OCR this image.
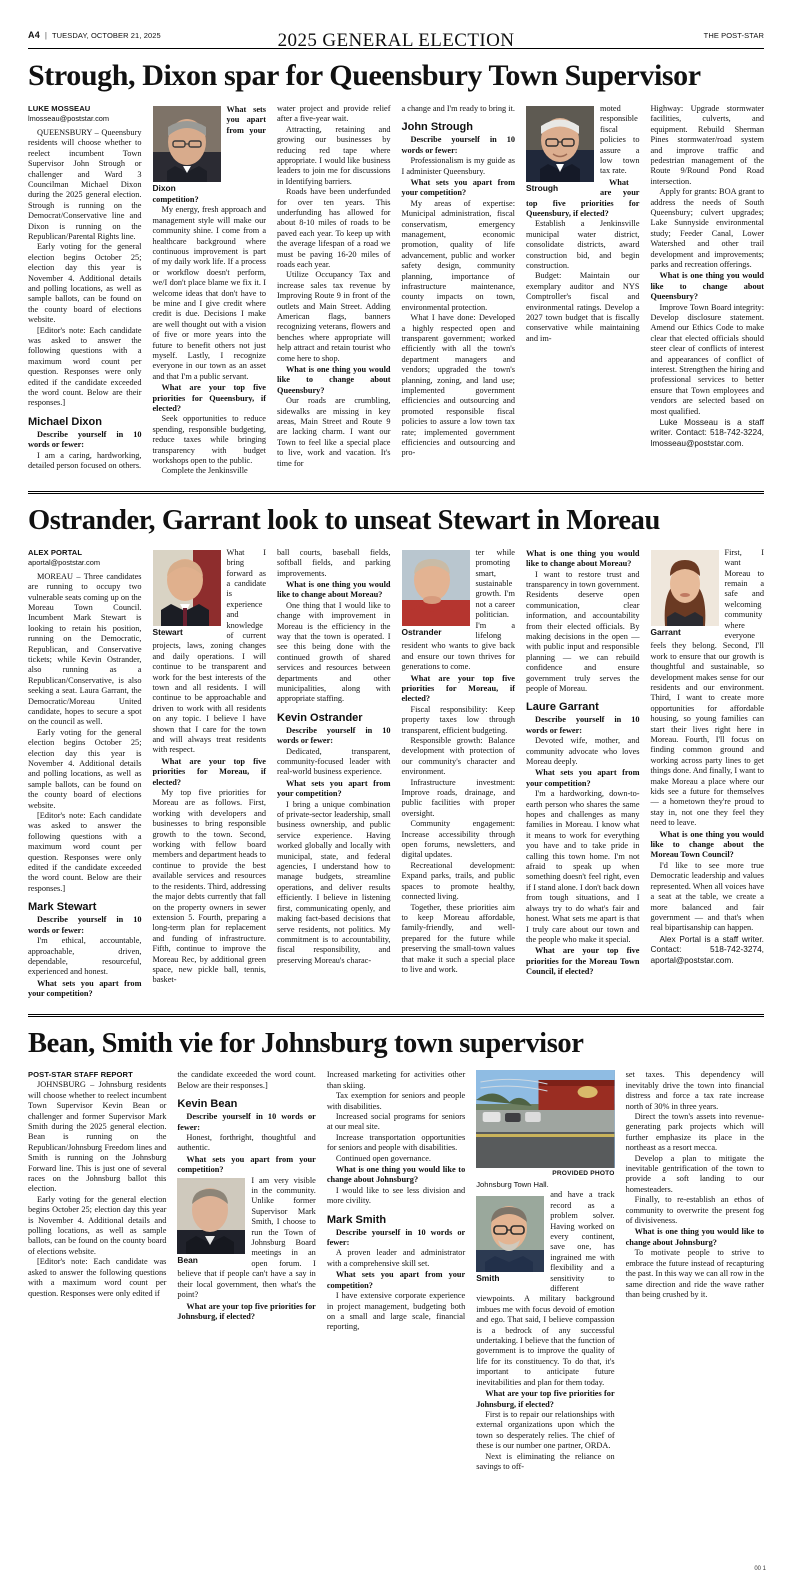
A4 | TUESDAY, OCTOBER 21, 2025	2025 GENERAL ELECTION	THE POST-STAR
Strough, Dixon spar for Queensbury Town Supervisor
LUKE MOSSEAU
lmosseau@poststar.com

QUEENSBURY – Queensbury residents will choose whether to reelect incumbent Town Supervisor John Strough or challenger and Ward 3 Councilman Michael Dixon during the 2025 general election. Strough is running on the Democrat/Conservative line and Dixon is running on the Republican/Parental Rights line.

Early voting for the general election begins October 25; election day this year is November 4. Additional details and polling locations, as well as sample ballots, can be found on the county board of elections website.

[Editor's note: Each candidate was asked to answer the following questions with a maximum word count per question. Responses were only edited if the candidate exceeded the word count. Below are their responses.]

Michael Dixon

Describe yourself in 10 words or fewer:

I am a caring, hardworking, detailed person focused on others.

Dixon

What sets you apart from your competition?

My energy, fresh approach and management style will make our community shine. I come from a healthcare background where continuous improvement is part of my daily work life. If a process or workflow doesn't perform, we/I don't place blame we fix it. I welcome ideas that don't have to be mine and I give credit where credit is due. Decisions I make are well thought out with a vision of five or more years into the future to benefit others not just myself. Lastly, I recognize everyone in our town as an asset and that I'm a public servant.

What are your top five priorities for Queensbury, if elected?

Seek opportunities to reduce spending, responsible budgeting, reduce taxes while bringing transparency with budget workshops open to the public.

Complete the Jenkinsville

water project and provide relief after a five-year wait.

Attracting, retaining and growing our businesses by reducing red tape where appropriate. I would like business leaders to join me for discussions in Identifying barriers.

Roads have been underfunded for over ten years. This underfunding has allowed for about 8-10 miles of roads to be paved each year. To keep up with the average lifespan of a road we must be paving 16-20 miles of roads each year.

Utilize Occupancy Tax and increase sales tax revenue by Improving Route 9 in front of the outlets and Main Street. Adding American flags, banners recognizing veterans, flowers and benches where appropriate will help attract and retain tourist who come here to shop.

What is one thing you would like to change about Queensbury?

Our roads are crumbling, sidewalks are missing in key areas, Main Street and Route 9 are lacking charm. I want our Town to feel like a special place to live, work and vacation. It's time for

a change and I'm ready to bring it.

John Strough

Describe yourself in 10 words or fewer:

Professionalism is my guide as I administer Queensbury.

What sets you apart from your competition?

My areas of expertise: Municipal administration, fiscal conservatism, emergency management, economic promotion, quality of life advancement, public and worker safety design, community planning, importance of infrastructure maintenance, county impacts on town, environmental protection.

What I have done: Developed a highly respected open and transparent government; worked efficiently with all the town's department managers and vendors; upgraded the town's planning, zoning, and land use; implemented government efficiencies and outsourcing and promoted responsible fiscal policies to assure a low town tax rate; implemented government efficiencies and outsourcing and pro-

Strough

moted responsible fiscal policies to assure a low town tax rate.

What are your top five priorities for Queensbury, if elected?

Establish a Jenkinsville municipal water district, consolidate districts, award construction bid, and begin construction.

Budget: Maintain our exemplary auditor and NYS Comptroller's fiscal and environmental ratings. Develop a 2027 town budget that is fiscally conservative while maintaining and im-

Highway: Upgrade stormwater facilities, culverts, and equipment. Rebuild Sherman Pines stormwater/road system and improve traffic and pedestrian management of the Route 9/Round Pond Road intersection.

Apply for grants: BOA grant to address the needs of South Queensbury; culvert upgrades; Lake Sunnyside environmental study; Feeder Canal, Lower Watershed and other trail development and improvements; parks and recreation offerings.

What is one thing you would like to change about Queensbury?

Improve Town Board integrity: Develop disclosure statement. Amend our Ethics Code to make clear that elected officials should steer clear of conflicts of interest and appearances of conflict of interest. Strengthen the hiring and professional services to better ensure that Town employees and vendors are selected based on most qualified.

Luke Mosseau is a staff writer. Contact: 518-742-3224, lmosseau@poststar.com.

Ostrander, Garrant look to unseat Stewart in Moreau
ALEX PORTAL
aportal@poststar.com

MOREAU – Three candidates are running to occupy two vulnerable seats coming up on the Moreau Town Council. Incumbent Mark Stewart is looking to retain his position, running on the Democratic, Republican, and Conservative tickets; while Kevin Ostrander, also running as a Republican/Conservative, is also seeking a seat. Laura Garrant, the Democratic/Moreau United candidate, hopes to secure a spot on the council as well.

Early voting for the general election begins October 25; election day this year is November 4. Additional details and polling locations, as well as sample ballots, can be found on the county board of elections website.

[Editor's note: Each candidate was asked to answer the following questions with a maximum word count per question. Responses were only edited if the candidate exceeded the word count. Below are their responses.]

Mark Stewart

Describe yourself in 10 words or fewer:

I'm ethical, accountable, approachable, driven, dependable, resourceful, experienced and honest.

What sets you apart from your competition?

Stewart

What I bring forward as a candidate is experience and knowledge of current projects, laws, zoning changes and daily operations. I will continue to be transparent and work for the best interests of the town and all residents. I will continue to be approachable and driven to work with all residents on any topic. I believe I have shown that I care for the town and will always treat residents with respect.

What are your top five priorities for Moreau, if elected?

My top five priorities for Moreau are as follows. First, working with developers and businesses to bring responsible growth to the town. Second, working with fellow board members and department heads to continue to provide the best available services and resources to the residents. Third, addressing the major debts currently that fall on the property owners in sewer extension 5. Fourth, preparing a long-term plan for replacement and funding of infrastructure. Fifth, continue to improve the Moreau Rec, by additional green space, new pickle ball, tennis, basket-

ball courts, baseball fields, softball fields, and parking improvements.

What is one thing you would like to change about Moreau?

One thing that I would like to change with improvement in Moreau is the efficiency in the way that the town is operated. I see this being done with the continued growth of shared services and resources between departments and other municipalities, along with appropriate staffing.

Kevin Ostrander

Describe yourself in 10 words or fewer:

Dedicated, transparent, community-focused leader with real-world business experience.

What sets you apart from your competition?

I bring a unique combination of private-sector leadership, small business ownership, and public service experience. Having worked globally and locally with municipal, state, and federal agencies, I understand how to manage budgets, streamline operations, and deliver results efficiently. I believe in listening first, communicating openly, and making fact-based decisions that serve residents, not politics. My commitment is to accountability, fiscal responsibility, and preserving Moreau's charac-

Ostrander

ter while promoting smart, sustainable growth. I'm not a career politician. I'm a lifelong resident who wants to give back and ensure our town thrives for generations to come.

What are your top five priorities for Moreau, if elected?

Fiscal responsibility: Keep property taxes low through transparent, efficient budgeting.

Responsible growth: Balance development with protection of our community's character and environment.

Infrastructure investment: Improve roads, drainage, and public facilities with proper oversight.

Community engagement: Increase accessibility through open forums, newsletters, and digital updates.

Recreational development: Expand parks, trails, and public spaces to promote healthy, connected living.

Together, these priorities aim to keep Moreau affordable, family-friendly, and well-prepared for the future while preserving the small-town values that make it such a special place to live and work.

What is one thing you would like to change about Moreau?

I want to restore trust and transparency in town government. Residents deserve open communication, clear information, and accountability from their elected officials. By making decisions in the open — with public input and responsible planning — we can rebuild confidence and ensure government truly serves the people of Moreau.

Laure Garrant

Describe yourself in 10 words or fewer:

Devoted wife, mother, and community advocate who loves Moreau deeply.

What sets you apart from your competition?

I'm a hardworking, down-to-earth person who shares the same hopes and challenges as many families in Moreau. I know what it means to work for everything you have and to take pride in calling this town home. I'm not afraid to speak up when something doesn't feel right, even if I stand alone. I don't back down from tough situations, and I always try to do what's fair and honest. What sets me apart is that I truly care about our town and the people who make it special.

What are your top five priorities for the Moreau Town Council, if elected?

Garrant

First, I want Moreau to remain a safe and welcoming community where everyone feels they belong. Second, I'll work to ensure that our growth is thoughtful and sustainable, so development makes sense for our residents and our environment. Third, I want to create more opportunities for affordable housing, so young families can start their lives right here in Moreau. Fourth, I'll focus on finding common ground and working across party lines to get things done. And finally, I want to make Moreau a place where our kids see a future for themselves — a hometown they're proud to stay in, not one they feel they need to leave.

What is one thing you would like to change about the Moreau Town Council?

I'd like to see more true Democratic leadership and values represented. When all voices have a seat at the table, we create a more balanced and fair government — and that's when real bipartisanship can happen.

Alex Portal is a staff writer. Contact: 518-742-3274, aportal@poststar.com.

Bean, Smith vie for Johnsburg town supervisor
POST-STAR STAFF REPORT

JOHNSBURG – Johnsburg residents will choose whether to reelect incumbent Town Supervisor Kevin Bean or challenger and former Supervisor Mark Smith during the 2025 general election. Bean is running on the Republican/Johnsburg Freedom lines and Smith is running on the Johnsburg Forward line. This is just one of several races on the Johnsburg ballot this election.

Early voting for the general election begins October 25; election day this year is November 4. Additional details and polling locations, as well as sample ballots, can be found on the county board of elections website.

[Editor's note: Each candidate was asked to answer the following questions with a maximum word count per question. Responses were only edited if

the candidate exceeded the word count. Below are their responses.]

Kevin Bean

Describe yourself in 10 words or fewer:

Honest, forthright, thoughtful and authentic.

What sets you apart from your competition?

Bean

I am very visible in the community. Unlike former Supervisor Mark Smith, I choose to run the Town of Johnsburg Board meetings in an open forum. I believe that if people can't have a say in their local government, then what's the point?

What are your top five priorities for Johnsburg, if elected?

Increased marketing for activities other than skiing.

Tax exemption for seniors and people with disabilities.

Increased social programs for seniors at our meal site.

Increase transportation opportunities for seniors and people with disabilities.

Continued open governance.

What is one thing you would like to change about Johnsburg?

I would like to see less division and more civility.

Mark Smith

Describe yourself in 10 words or fewer:

A proven leader and administrator with a comprehensive skill set.

What sets you apart from your competition?

I have extensive corporate experience in project management, budgeting both on a small and large scale, financial reporting,

PROVIDED PHOTO
Johnsburg Town Hall.
Smith

and have a track record as a problem solver. Having worked on every continent, save one, has ingrained me with flexibility and a sensitivity to different viewpoints. A military background imbues me with focus devoid of emotion and ego. That said, I believe compassion is a bedrock of any successful undertaking. I believe that the function of government is to improve the quality of life for its constituency. To do that, it's important to anticipate future inevitabilities and plan for them today.

What are your top five priorities for Johnsburg, if elected?

First is to repair our relationships with external organizations upon which the town so desperately relies. The chief of these is our number one partner, ORDA.

Next is eliminating the reliance on savings to off-

set taxes. This dependency will inevitably drive the town into financial distress and force a tax rate increase north of 30% in three years.

Direct the town's assets into revenue-generating park projects which will further emphasize its place in the northeast as a resort mecca.

Develop a plan to mitigate the inevitable gentrification of the town to provide a soft landing to our homesteaders.

Finally, to re-establish an ethos of community to overwrite the present fog of divisiveness.

What is one thing you would like to change about Johnsburg?

To motivate people to strive to embrace the future instead of recapturing the past. In this way we can all row in the same direction and ride the wave rather than being crushed by it.

00 1
